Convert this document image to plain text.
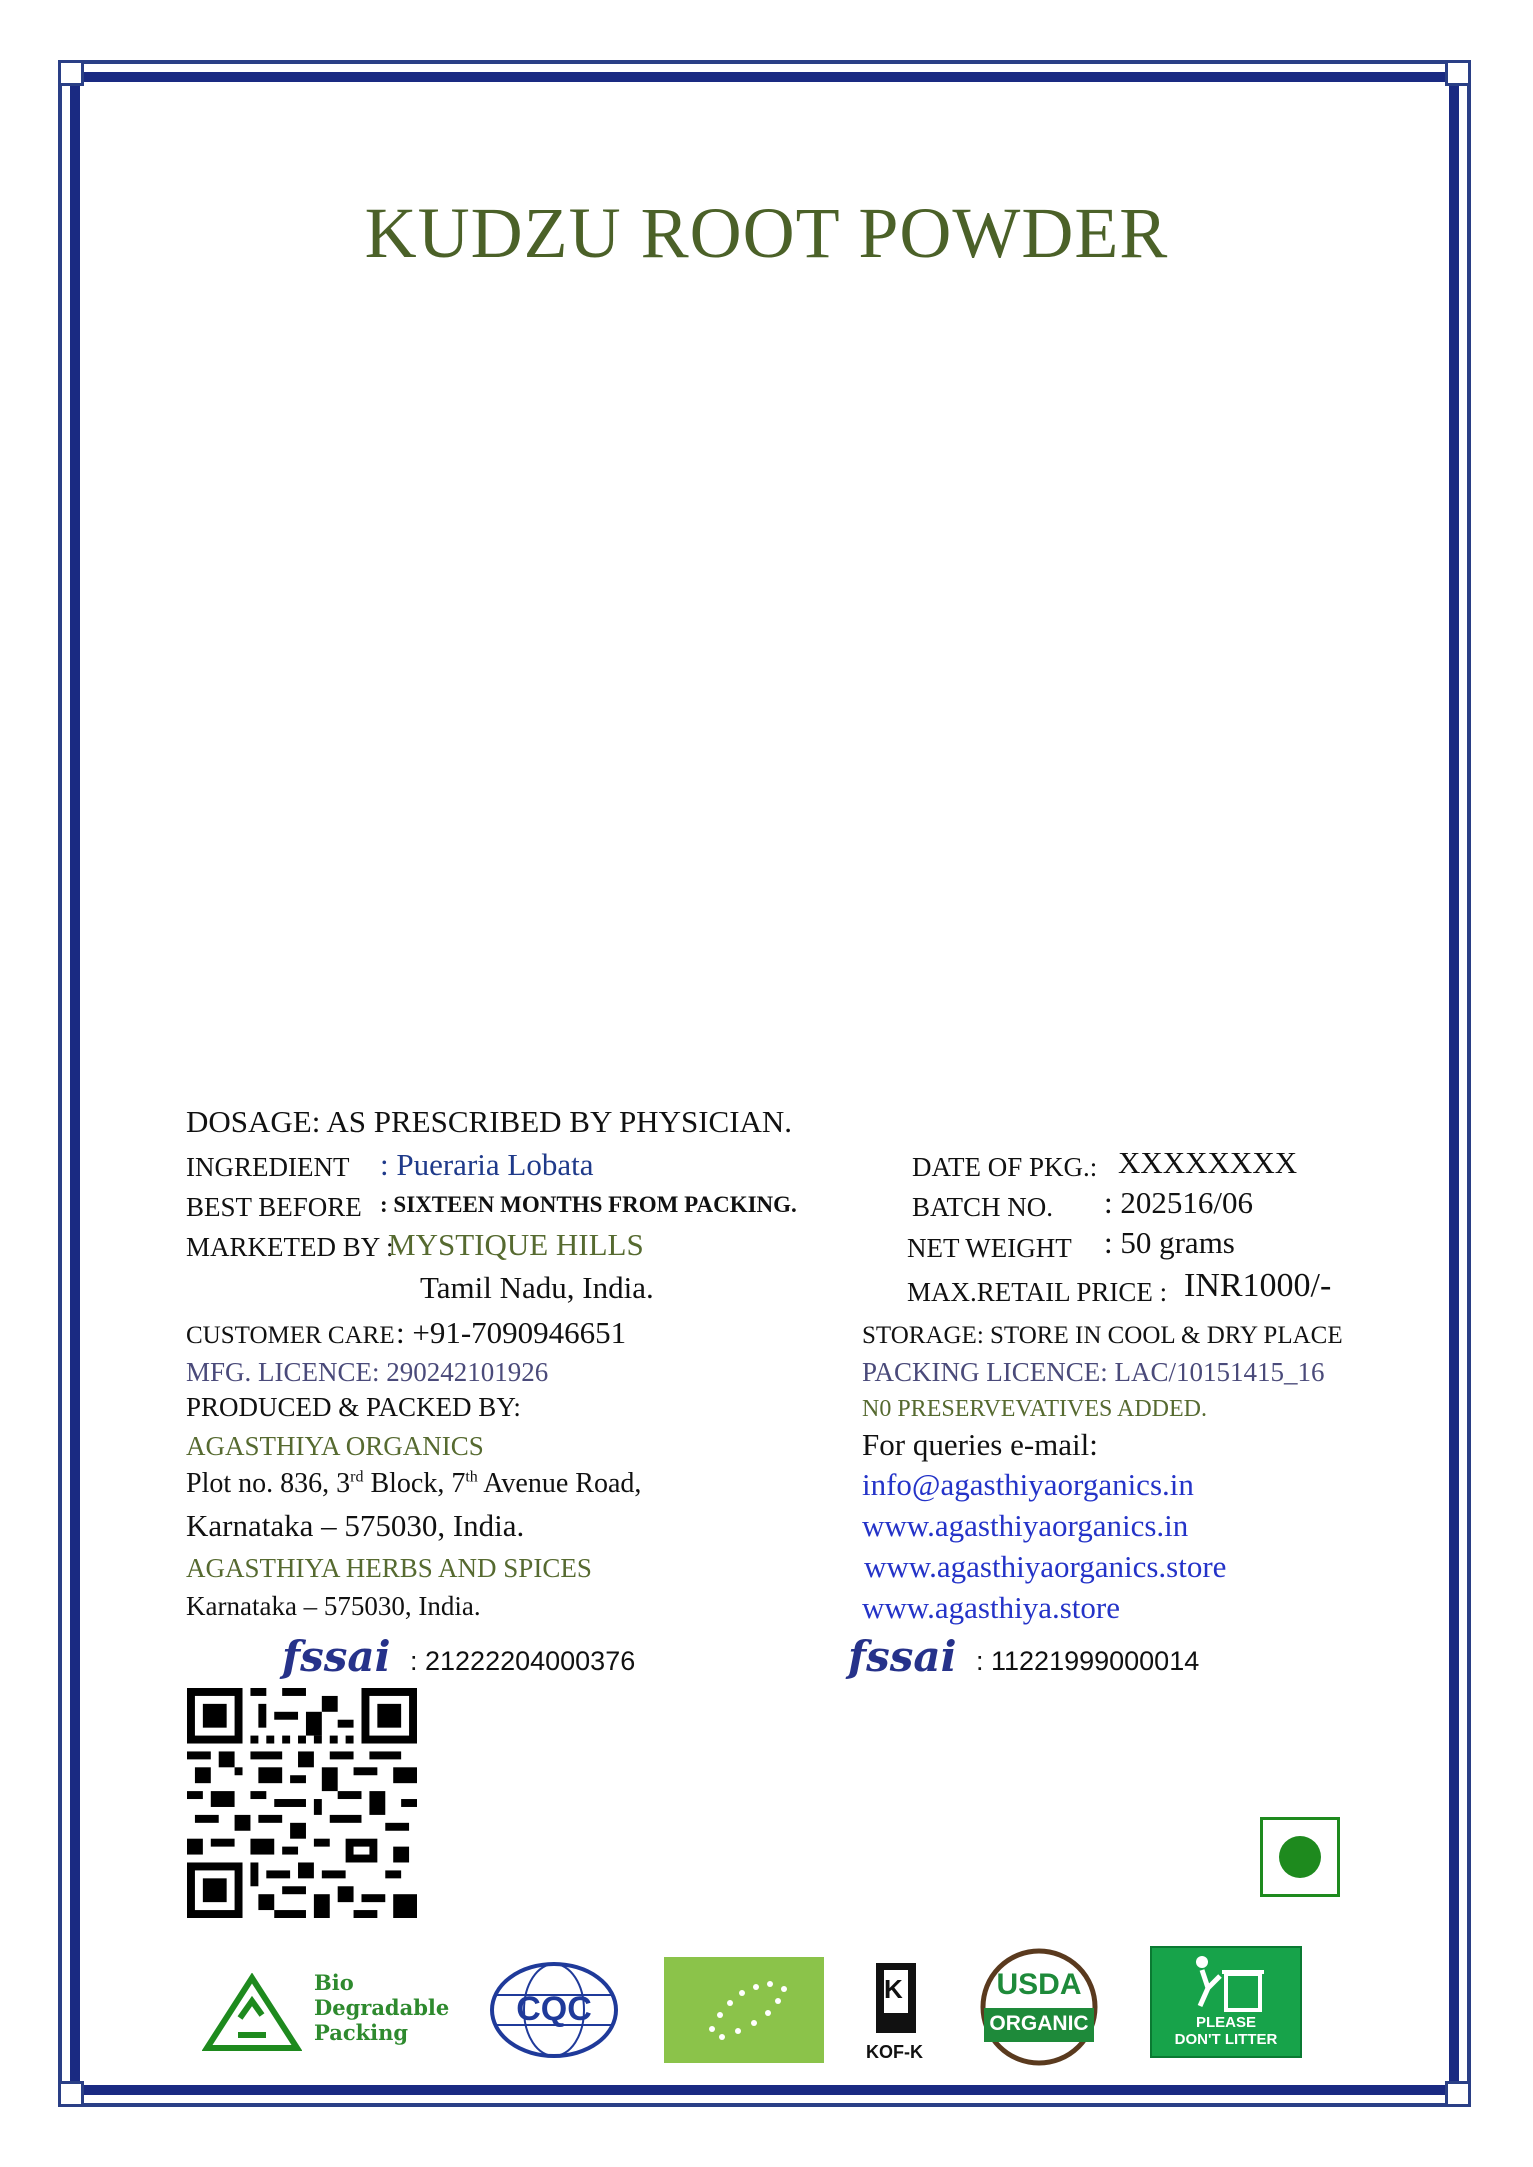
KUDZU ROOT POWDER
DOSAGE: AS PRESCRIBED BY PHYSICIAN.
INGREDIENT : Pueraria Lobata
BEST BEFORE : SIXTEEN MONTHS FROM PACKING.
MARKETED BY :
MYSTIQUE HILLS
Tamil Nadu, India.
CUSTOMER CARE : +91-7090946651
MFG. LICENCE: 290242101926
PRODUCED & PACKED BY:
AGASTHIYA ORGANICS
Plot no. 836, 3rd Block, 7th Avenue Road,
Karnataka – 575030, India.
AGASTHIYA HERBS AND SPICES
Karnataka – 575030, India.
DATE OF PKG.: XXXXXXXX
BATCH NO. : 202516/06
NET WEIGHT : 50 grams
MAX.RETAIL PRICE : INR1000/-
STORAGE: STORE IN COOL & DRY PLACE
PACKING LICENCE: LAC/10151415_16
N0 PRESERVEVATIVES ADDED.
For queries e-mail:
info@agasthiyaorganics.in
www.agasthiyaorganics.in
www.agasthiyaorganics.store
www.agasthiya.store
fssai : 21222204000376	fssai : 11221999000014
Bio
Degradable
Packing
CQC
K
KOF-K
USDA
ORGANIC	PLEASE
DON'T LITTER
